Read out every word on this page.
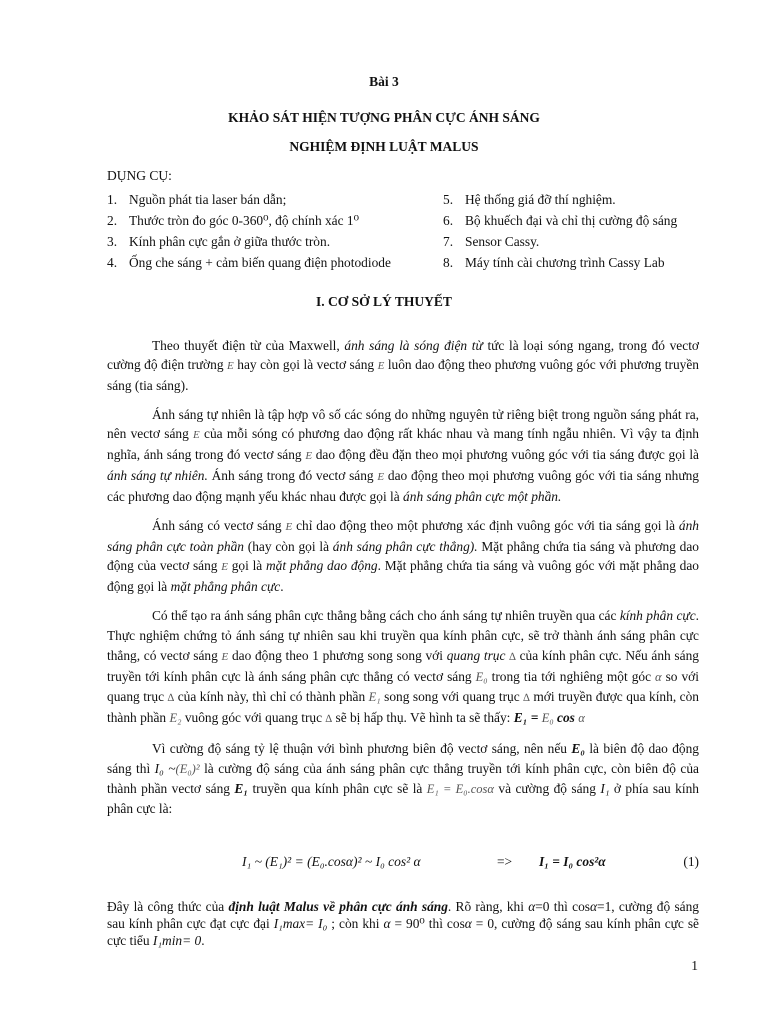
Bài 3
KHẢO SÁT HIỆN TƯỢNG PHÂN CỰC ÁNH SÁNG
NGHIỆM ĐỊNH LUẬT MALUS
DỤNG CỤ:
1. Nguồn phát tia laser bán dẫn;
2. Thước tròn đo góc 0-360⁰, độ chính xác 1⁰
3. Kính phân cực gắn ở giữa thước tròn.
4. Ống che sáng + cảm biến quang điện photodiode
5. Hệ thống giá đỡ thí nghiệm.
6. Bộ khuếch đại và chỉ thị cường độ sáng
7. Sensor Cassy.
8. Máy tính cài chương trình Cassy Lab
I. CƠ SỞ LÝ THUYẾT

Theo thuyết điện từ của Maxwell, ánh sáng là sóng điện từ tức là loại sóng ngang, trong đó vectơ cường độ điện trường E hay còn gọi là vectơ sáng E luôn dao động theo phương vuông góc với phương truyền sáng (tia sáng).

Ánh sáng tự nhiên là tập hợp vô số các sóng do những nguyên tử riêng biệt trong nguồn sáng phát ra, nên vectơ sáng E của mỗi sóng có phương dao động rất khác nhau và mang tính ngẫu nhiên. Vì vậy ta định nghĩa, ánh sáng trong đó vectơ sáng E dao động đều đặn theo mọi phương vuông góc với tia sáng được gọi là ánh sáng tự nhiên. Ánh sáng trong đó vectơ sáng E dao động theo mọi phương vuông góc với tia sáng nhưng các phương dao động mạnh yếu khác nhau được gọi là ánh sáng phân cực một phần.

Ánh sáng có vectơ sáng E chỉ dao động theo một phương xác định vuông góc với tia sáng gọi là ánh sáng phân cực toàn phần (hay còn gọi là ánh sáng phân cực thẳng). Mặt phẳng chứa tia sáng và phương dao động của vectơ sáng E gọi là mặt phẳng dao động. Mặt phẳng chứa tia sáng và vuông góc với mặt phẳng dao động gọi là mặt phẳng phân cực.

Có thể tạo ra ánh sáng phân cực thẳng bằng cách cho ánh sáng tự nhiên truyền qua các kính phân cực. Thực nghiệm chứng tỏ ánh sáng tự nhiên sau khi truyền qua kính phân cực, sẽ trở thành ánh sáng phân cực thẳng, có vectơ sáng E dao động theo 1 phương song song với quang trục ∆ của kính phân cực. Nếu ánh sáng truyền tới kính phân cực là ánh sáng phân cực thẳng có vectơ sáng E₀ trong tia tới nghiêng một góc α so với quang trục ∆ của kính này, thì chỉ có thành phần E₁ song song với quang trục ∆ mới truyền được qua kính, còn thành phần E₂ vuông góc với quang trục ∆ sẽ bị hấp thụ. Vẽ hình ta sẽ thấy: E₁ = E₀ cos α

Vì cường độ sáng tỷ lệ thuận với bình phương biên độ vectơ sáng, nên nếu E₀ là biên độ dao động sáng thì I₀ ~(E₀)² là cường độ sáng của ánh sáng phân cực thẳng truyền tới kính phân cực, còn biên độ của thành phần vectơ sáng E₁ truyền qua kính phân cực sẽ là E₁ = E₀.cosα và cường độ sáng I₁ ở phía sau kính phân cực là:

I₁ ~ (E₁)² = (E₀.cosα)² ~ I₀ cos² α	=> I₁ = I₀ cos²α	(1)

Đây là công thức của định luật Malus về phân cực ánh sáng. Rõ ràng, khi α=0 thì cosα=1, cường độ sáng sau kính phân cực đạt cực đại I₁max= I₀ ; còn khi α = 90⁰ thì cosα = 0, cường độ sáng sau kính phân cực sẽ cực tiểu I₁min= 0.

1
